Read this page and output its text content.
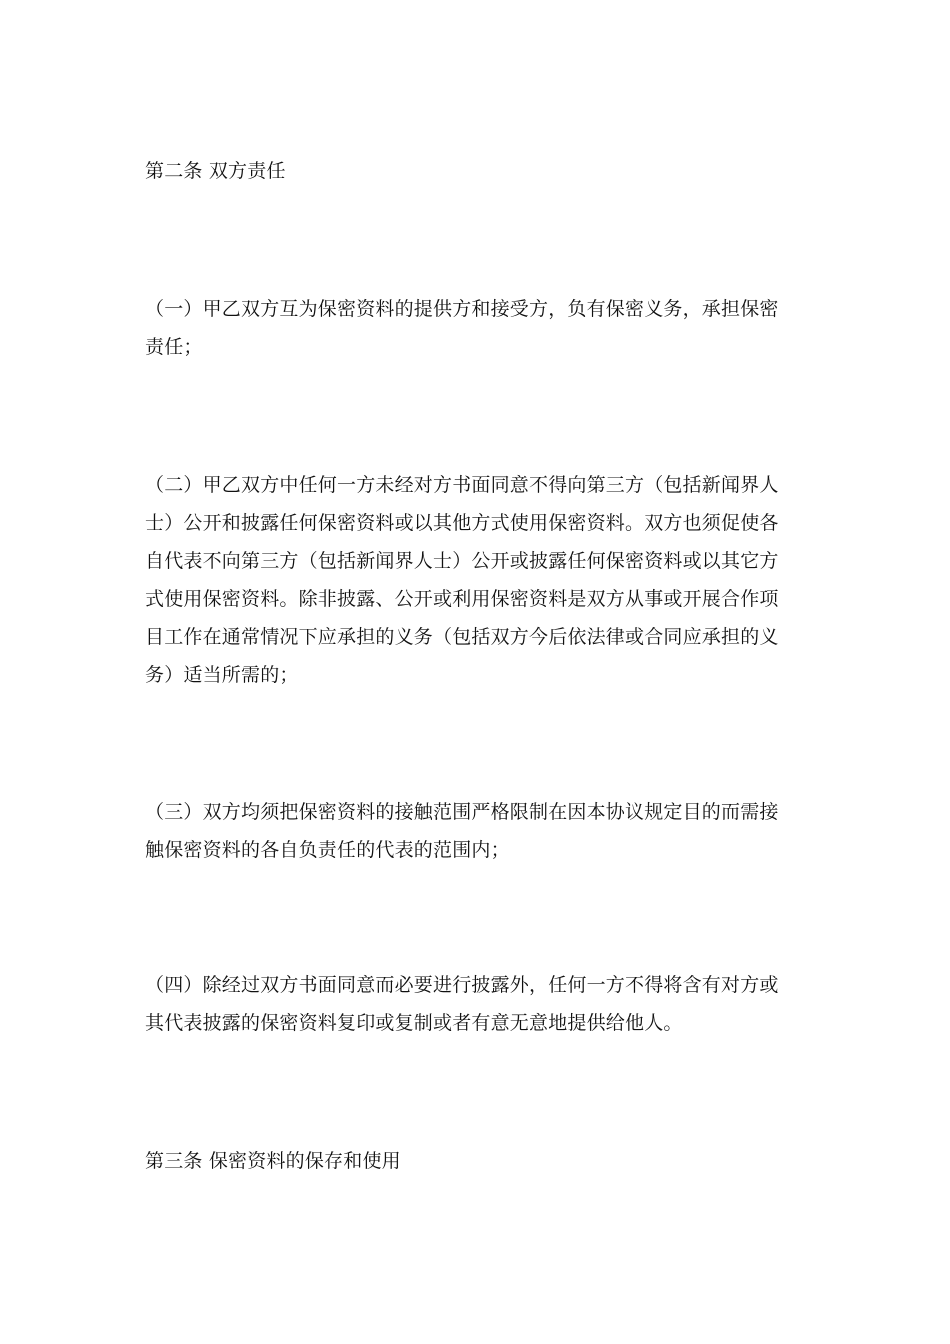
第二条 双方责任
（一）甲乙双方互为保密资料的提供方和接受方，负有保密义务，承担保密责任；
（二）甲乙双方中任何一方未经对方书面同意不得向第三方（包括新闻界人士）公开和披露任何保密资料或以其他方式使用保密资料。双方也须促使各自代表不向第三方（包括新闻界人士）公开或披露任何保密资料或以其它方式使用保密资料。除非披露、公开或利用保密资料是双方从事或开展合作项目工作在通常情况下应承担的义务（包括双方今后依法律或合同应承担的义务）适当所需的；
（三）双方均须把保密资料的接触范围严格限制在因本协议规定目的而需接触保密资料的各自负责任的代表的范围内；
（四）除经过双方书面同意而必要进行披露外，任何一方不得将含有对方或其代表披露的保密资料复印或复制或者有意无意地提供给他人。
第三条 保密资料的保存和使用
